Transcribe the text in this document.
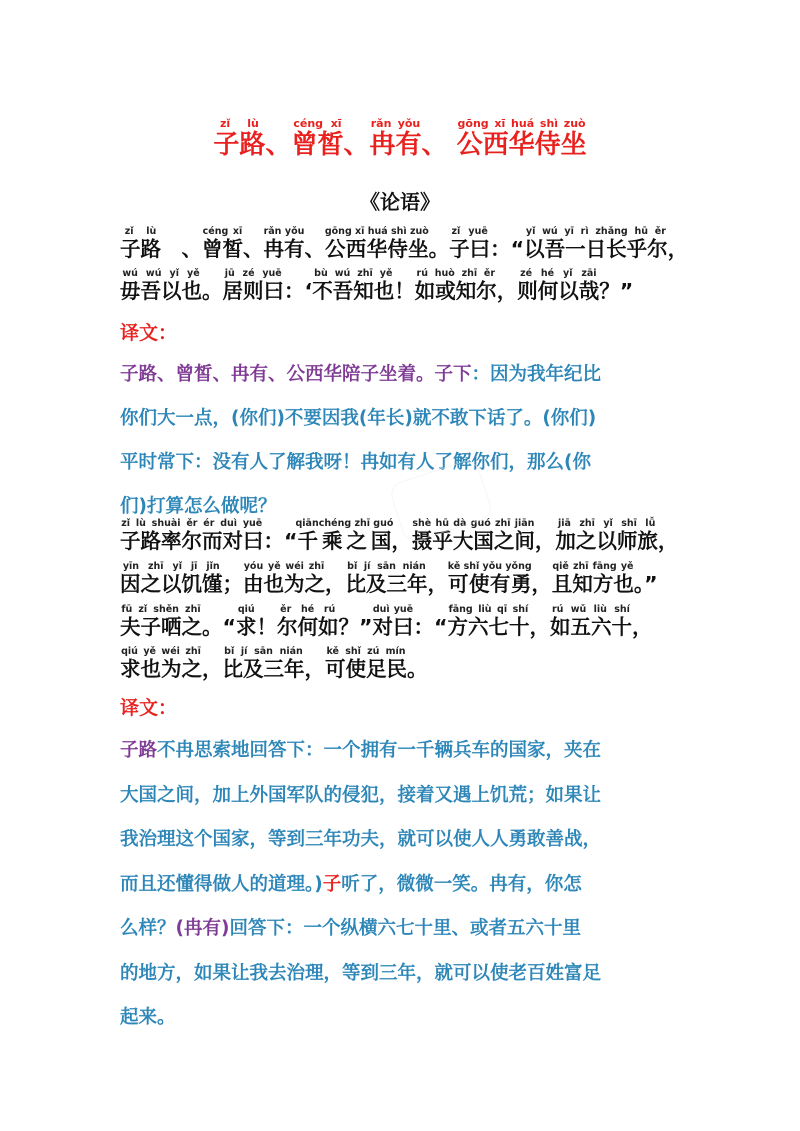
子路zǐ lù、曾皙céng xī、冉有rǎn yǒu、 公西华侍坐gōng xī huá shì zuò
《论语》
子路zǐ lù　、曾皙céng xī、冉有rǎn yǒu、公西华侍坐gōng xī huá shì zuò。子曰zǐ yuē：“以吾一日长乎尔yǐ wú yī rì zhǎng hū ěr，
毋吾以也wú wú yǐ yě。居则曰jū zé yuē：‘不吾知也bù wú zhī yě！如或知尔rú huò zhī ěr，则何以哉zé hé yǐ zāi？”
译文：
子路、曾皙、冉有、公西华陪子坐着。子下：因为我年纪比
你们大一点，(你们)不要因我(年长)就不敢下话了。(你们)
平时常下：没有人了解我呀！冉如有人了解你们，那么(你
们)打算怎么做呢？
子路率尔而对曰zǐ lù shuài ěr ér duì yuē：“千乘之国qiānchéng zhī guó，摄乎大国之间shè hū dà guó zhī jiān，加之以师旅jiā zhī yǐ shī lǚ，
因之以饥馑yīn zhī yǐ jī jǐn；由也为之yóu yě wéi zhī，比及三年bǐ jí sān nián，可使有勇kě shǐ yǒu yǒng，且知方也qiě zhī fāng yě。”
夫子哂之fū zǐ shěn zhī。“求qiú！尔何如ěr hé rú？”对曰duì yuē：“方六七十fāng liù qī shí，如五六十rú wǔ liù shí，
求也为之qiú yě wéi zhī，比及三年bǐ jí sān nián，可使足民kě shǐ zú mín。
译文：
子路不冉思索地回答下：一个拥有一千辆兵车的国家，夹在
大国之间，加上外国军队的侵犯，接着又遇上饥荒；如果让
我治理这个国家，等到三年功夫，就可以使人人勇敢善战，
而且还懂得做人的道理。)子听了，微微一笑。冉有，你怎
么样？(冉有)回答下：一个纵横六七十里、或者五六十里
的地方，如果让我去治理，等到三年，就可以使老百姓富足
起来。
